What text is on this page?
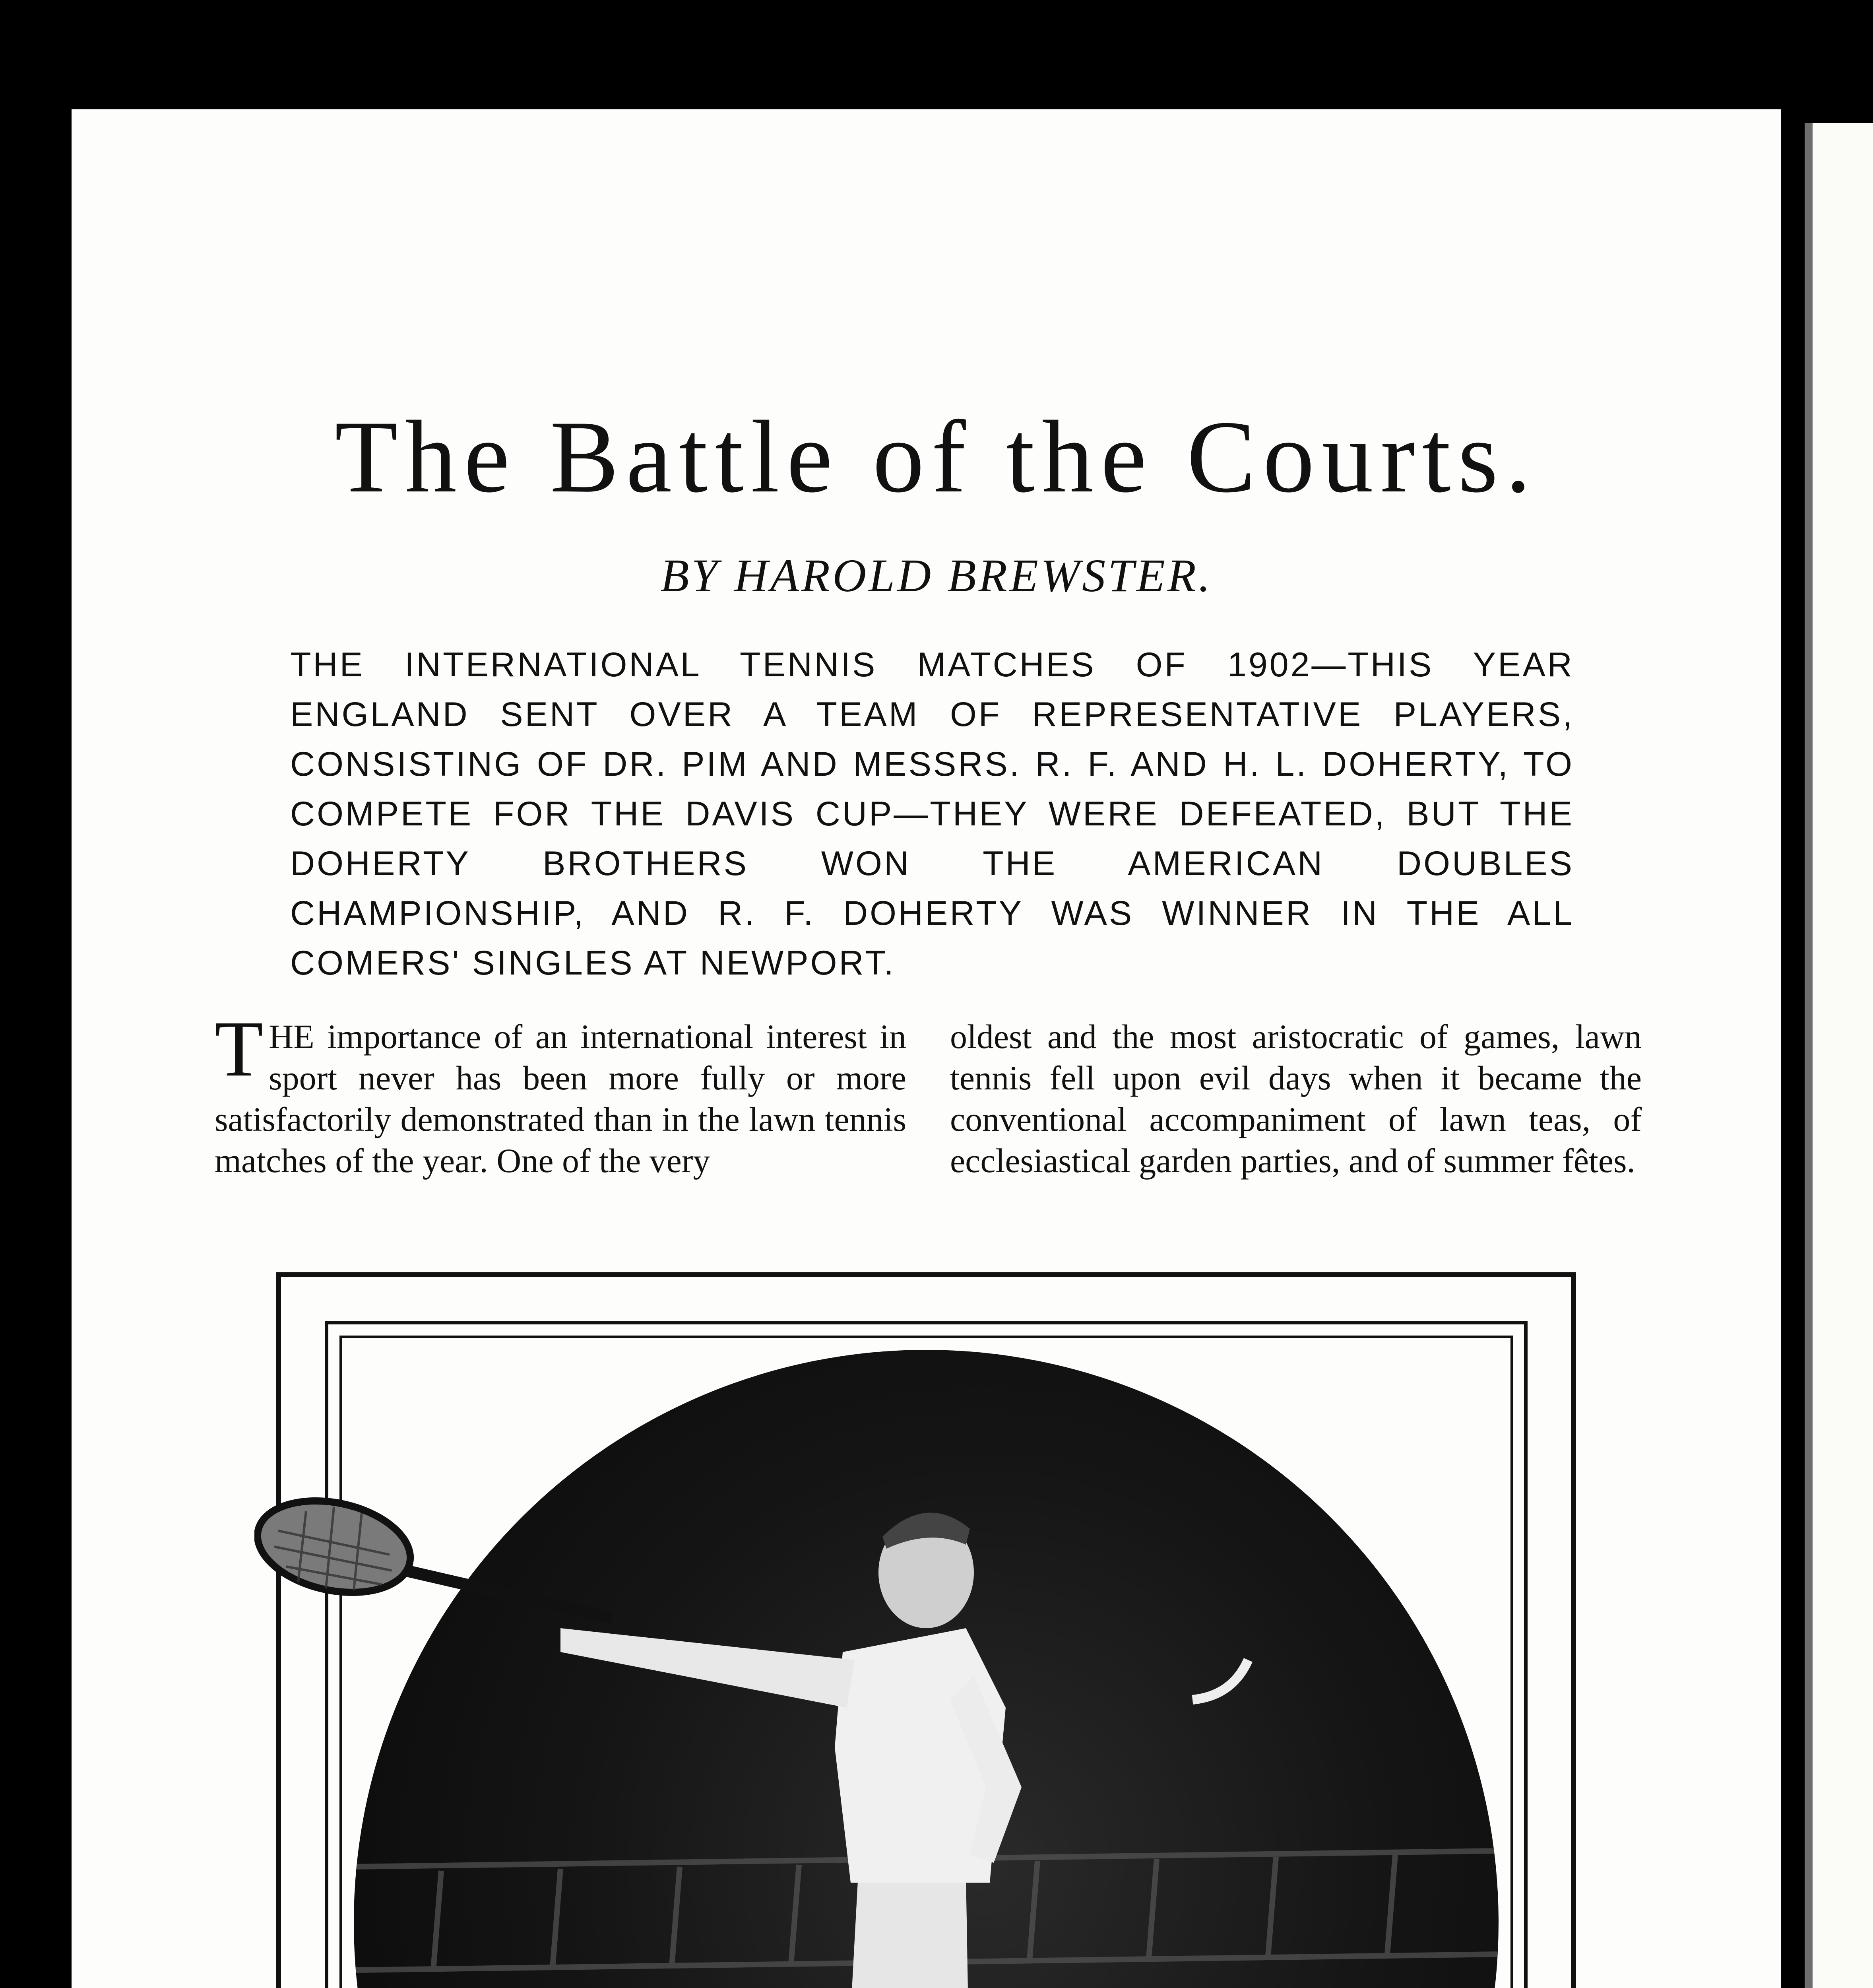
The Battle of the Courts.
BY HAROLD BREWSTER.

THE INTERNATIONAL TENNIS MATCHES OF 1902—THIS YEAR ENGLAND SENT OVER A TEAM OF REPRESENTATIVE PLAYERS, CONSISTING OF DR. PIM AND MESSRS. R. F. AND H. L. DOHERTY, TO COMPETE FOR THE DAVIS CUP—THEY WERE DEFEATED, BUT THE DOHERTY BROTHERS WON THE AMERICAN DOUBLES CHAMPIONSHIP, AND R. F. DOHERTY WAS WINNER IN THE ALL COMERS' SINGLES AT NEWPORT.

THE importance of an international interest in sport never has been more fully or more satisfactorily demonstrated than in the lawn tennis matches of the year. One of the very

oldest and the most aristocratic of games, lawn tennis fell upon evil days when it became the conventional accompaniment of lawn teas, of ecclesiastical garden parties, and of summer fêtes.
